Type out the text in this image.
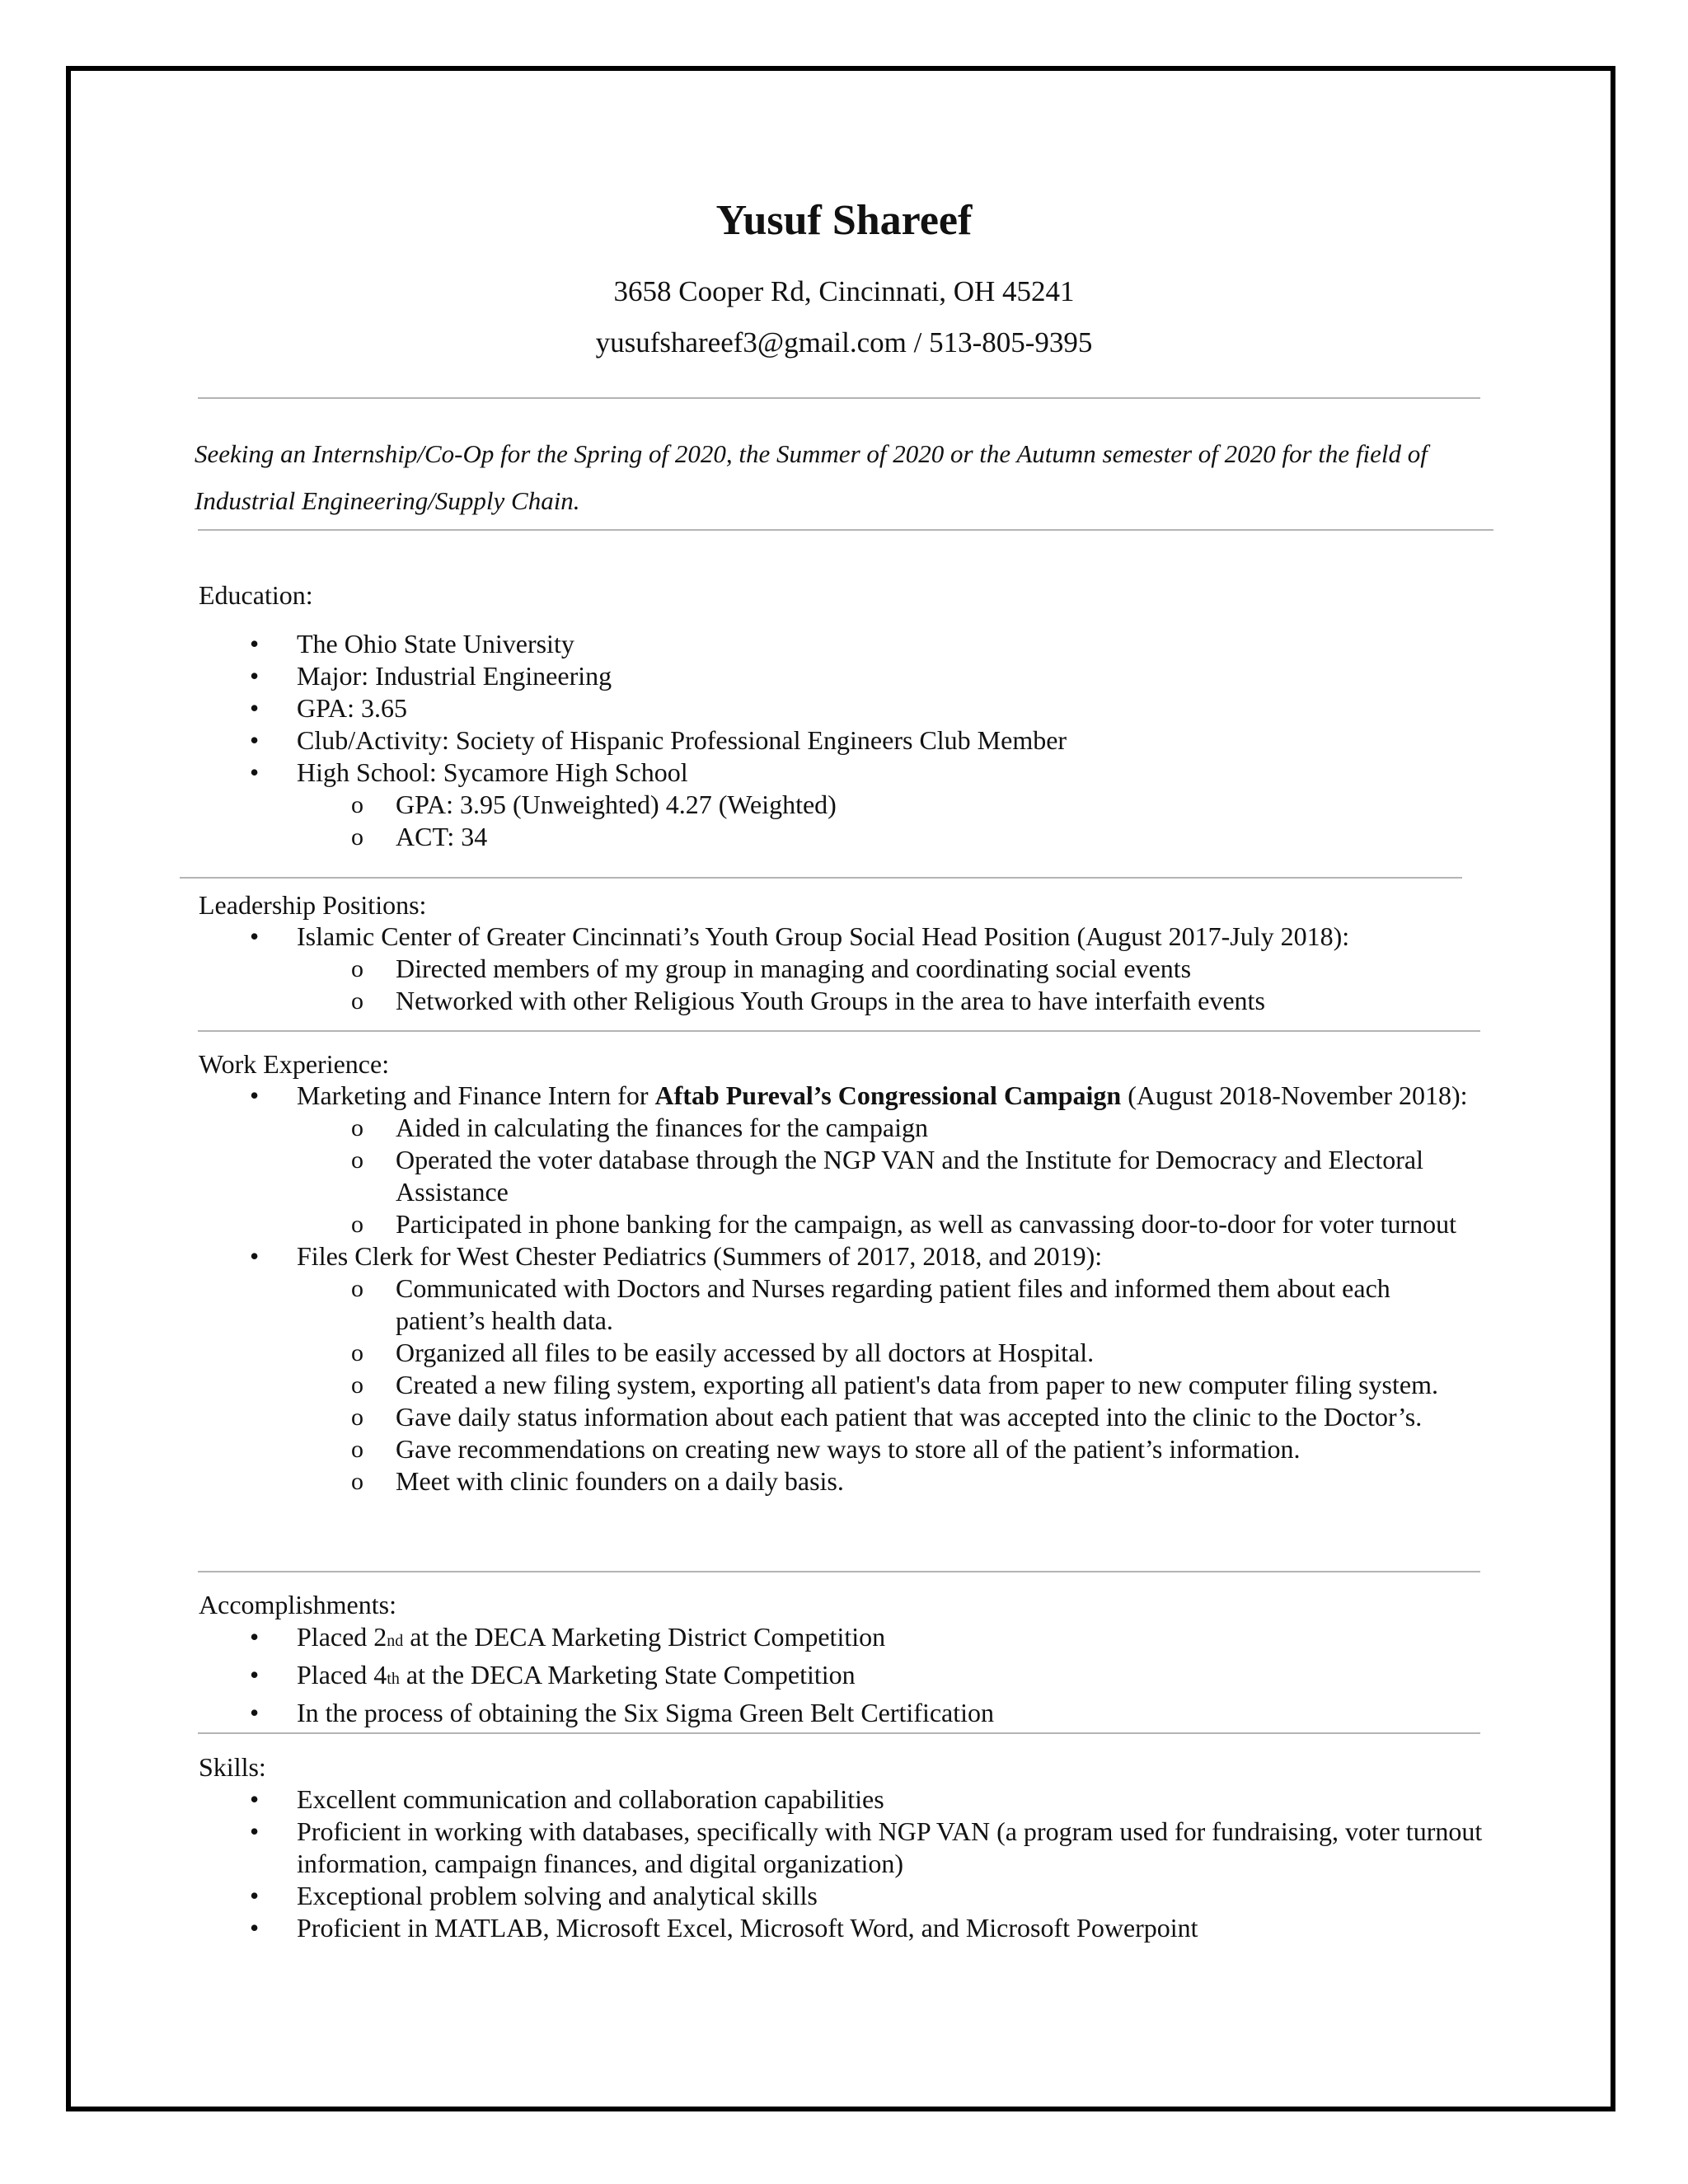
Yusuf Shareef
3658 Cooper Rd, Cincinnati, OH 45241
yusufshareef3@gmail.com / 513-805-9395
Seeking an Internship/Co-Op for the Spring of 2020, the Summer of 2020 or the Autumn semester of 2020 for the field of Industrial Engineering/Supply Chain.
Education:
• The Ohio State University
• Major: Industrial Engineering
• GPA: 3.65
• Club/Activity: Society of Hispanic Professional Engineers Club Member
• High School: Sycamore High School
o GPA: 3.95 (Unweighted) 4.27 (Weighted)
o ACT: 34
Leadership Positions:
• Islamic Center of Greater Cincinnati’s Youth Group Social Head Position (August 2017-July 2018):
o Directed members of my group in managing and coordinating social events
o Networked with other Religious Youth Groups in the area to have interfaith events
Work Experience:
• Marketing and Finance Intern for Aftab Pureval’s Congressional Campaign (August 2018-November 2018):
o Aided in calculating the finances for the campaign
o Operated the voter database through the NGP VAN and the Institute for Democracy and Electoral Assistance
o Participated in phone banking for the campaign, as well as canvassing door-to-door for voter turnout
• Files Clerk for West Chester Pediatrics (Summers of 2017, 2018, and 2019):
o Communicated with Doctors and Nurses regarding patient files and informed them about each patient’s health data.
o Organized all files to be easily accessed by all doctors at Hospital.
o Created a new filing system, exporting all patient's data from paper to new computer filing system.
o Gave daily status information about each patient that was accepted into the clinic to the Doctor’s.
o Gave recommendations on creating new ways to store all of the patient’s information.
o Meet with clinic founders on a daily basis.
Accomplishments:
• Placed 2nd at the DECA Marketing District Competition
• Placed 4th at the DECA Marketing State Competition
• In the process of obtaining the Six Sigma Green Belt Certification
Skills:
• Excellent communication and collaboration capabilities
• Proficient in working with databases, specifically with NGP VAN (a program used for fundraising, voter turnout information, campaign finances, and digital organization)
• Exceptional problem solving and analytical skills
• Proficient in MATLAB, Microsoft Excel, Microsoft Word, and Microsoft Powerpoint
